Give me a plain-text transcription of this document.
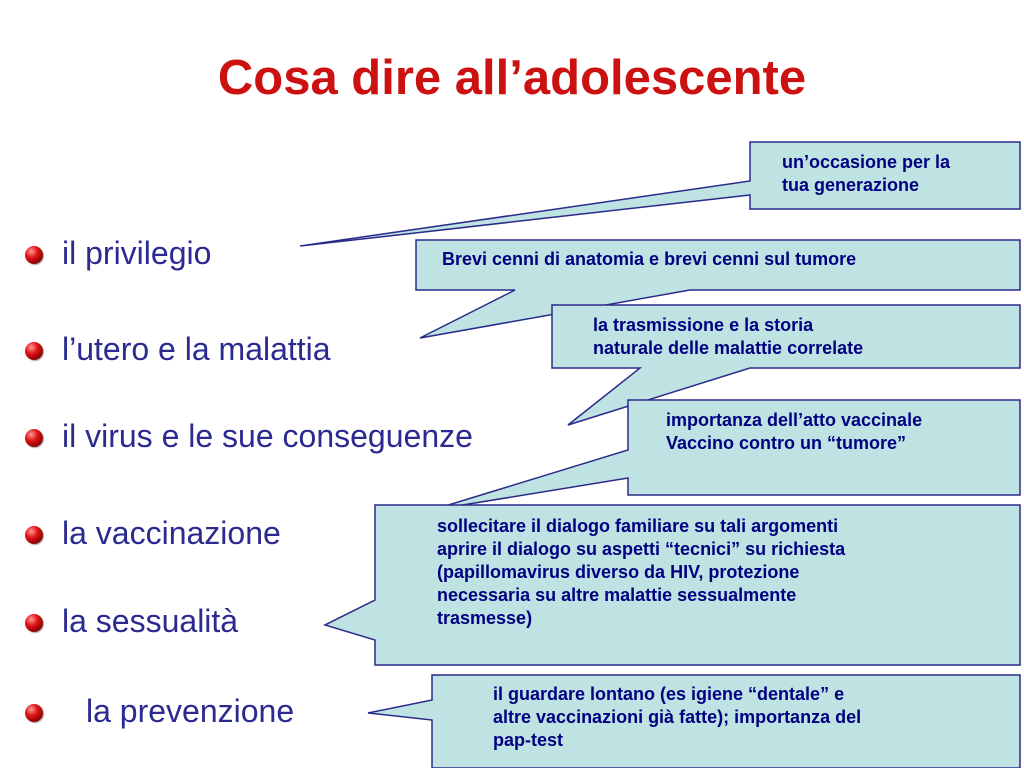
Cosa dire all’adolescente
il privilegio
l’utero e la malattia
il virus e le sue conseguenze
la vaccinazione
la sessualità
la prevenzione
un’occasione per la
tua generazione
Brevi cenni di anatomia e brevi cenni sul tumore
la trasmissione e la storia
naturale delle malattie correlate
importanza dell’atto vaccinale
Vaccino contro un “tumore”
sollecitare il dialogo familiare su tali argomenti
aprire il dialogo su aspetti “tecnici” su richiesta
(papillomavirus diverso da HIV, protezione
necessaria su altre malattie sessualmente
trasmesse)
il guardare lontano (es igiene “dentale” e
altre vaccinazioni già fatte); importanza del
pap-test
